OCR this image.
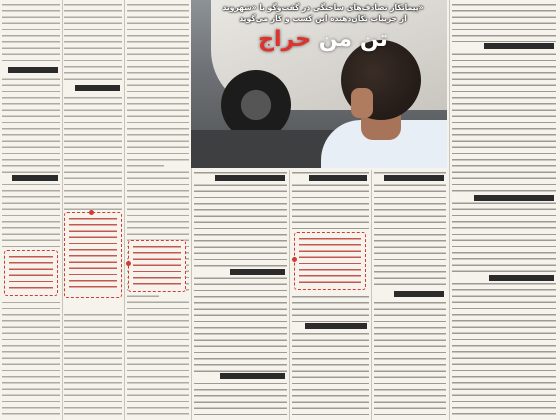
«پیمانکار تصادف‌های ساختگی در گفت‌وگو با «شهروند
از جزییات تکان‌دهنده این کسب و کار می‌گوید
تن من حراج
